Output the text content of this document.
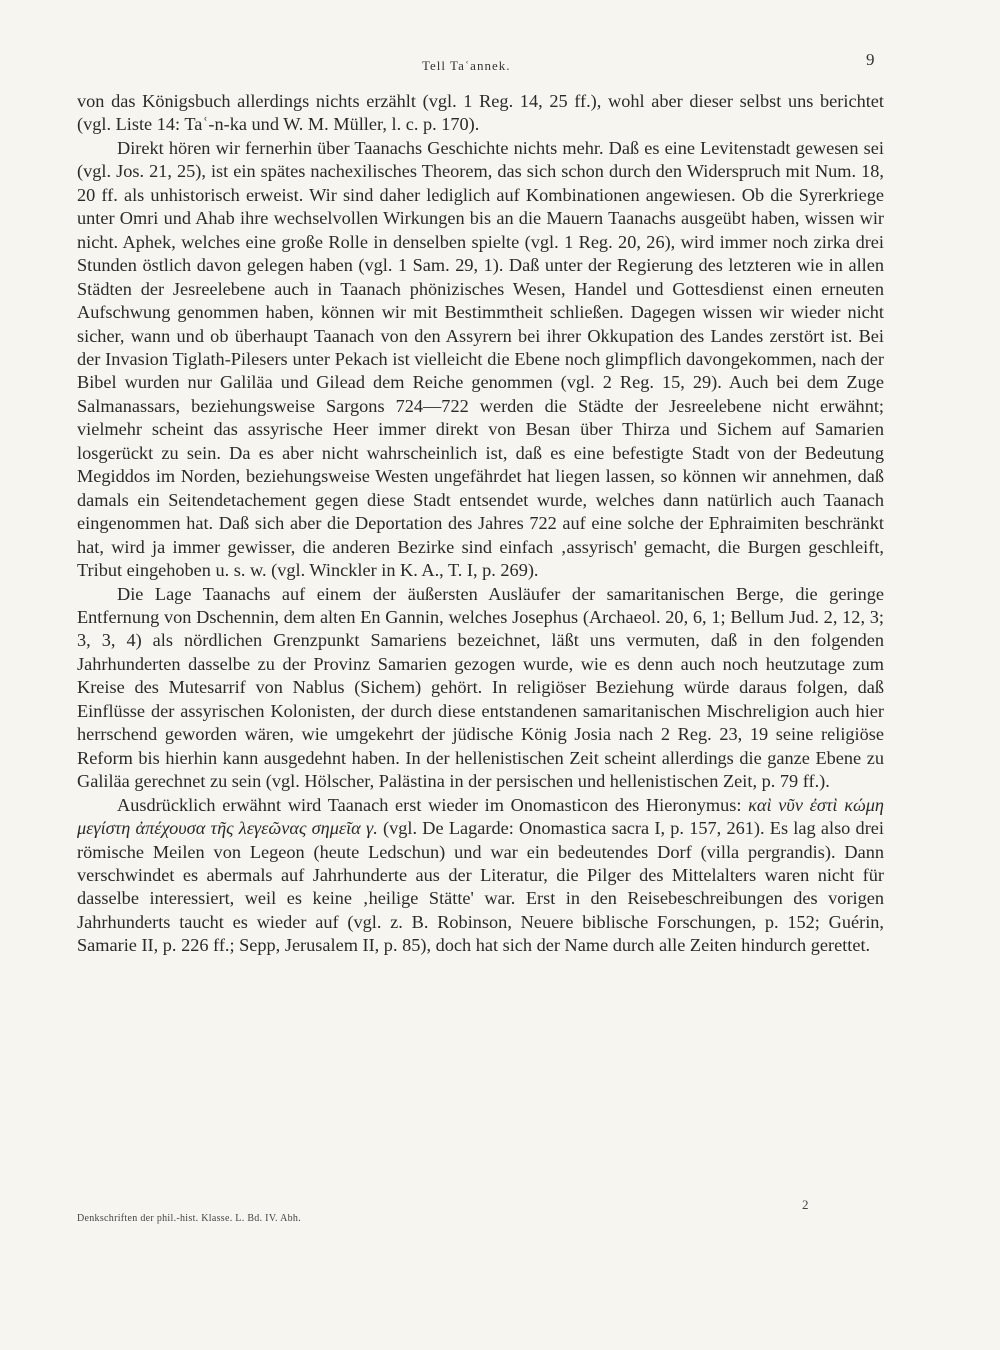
Tell Taʿannek.	9

von das Königsbuch allerdings nichts erzählt (vgl. 1 Reg. 14, 25 ff.), wohl aber dieser selbst uns berichtet (vgl. Liste 14: Taʿ-n-ka und W. M. Müller, l. c. p. 170).

Direkt hören wir fernerhin über Taanachs Geschichte nichts mehr. Daß es eine Levitenstadt gewesen sei (vgl. Jos. 21, 25), ist ein spätes nachexilisches Theorem, das sich schon durch den Widerspruch mit Num. 18, 20 ff. als unhistorisch erweist. Wir sind daher lediglich auf Kombinationen angewiesen. Ob die Syrerkriege unter Omri und Ahab ihre wechselvollen Wirkungen bis an die Mauern Taanachs ausgeübt haben, wissen wir nicht. Aphek, welches eine große Rolle in denselben spielte (vgl. 1 Reg. 20, 26), wird immer noch zirka drei Stunden östlich davon gelegen haben (vgl. 1 Sam. 29, 1). Daß unter der Regierung des letzteren wie in allen Städten der Jesreelebene auch in Taanach phönizisches Wesen, Handel und Gottesdienst einen erneuten Aufschwung genommen haben, können wir mit Bestimmtheit schließen. Dagegen wissen wir wieder nicht sicher, wann und ob überhaupt Taanach von den Assyrern bei ihrer Okkupation des Landes zerstört ist. Bei der Invasion Tiglath-Pilesers unter Pekach ist vielleicht die Ebene noch glimpflich davongekommen, nach der Bibel wurden nur Galiläa und Gilead dem Reiche genommen (vgl. 2 Reg. 15, 29). Auch bei dem Zuge Salmanassars, beziehungsweise Sargons 724—722 werden die Städte der Jesreelebene nicht erwähnt; vielmehr scheint das assyrische Heer immer direkt von Besan über Thirza und Sichem auf Samarien losgerückt zu sein. Da es aber nicht wahrscheinlich ist, daß es eine befestigte Stadt von der Bedeutung Megiddos im Norden, beziehungsweise Westen ungefährdet hat liegen lassen, so können wir annehmen, daß damals ein Seitendetachement gegen diese Stadt entsendet wurde, welches dann natürlich auch Taanach eingenommen hat. Daß sich aber die Deportation des Jahres 722 auf eine solche der Ephraimiten beschränkt hat, wird ja immer gewisser, die anderen Bezirke sind einfach ‚assyrisch' gemacht, die Burgen geschleift, Tribut eingehoben u. s. w. (vgl. Winckler in K. A., T. I, p. 269).

Die Lage Taanachs auf einem der äußersten Ausläufer der samaritanischen Berge, die geringe Entfernung von Dschennin, dem alten En Gannin, welches Josephus (Archaeol. 20, 6, 1; Bellum Jud. 2, 12, 3; 3, 3, 4) als nördlichen Grenzpunkt Samariens bezeichnet, läßt uns vermuten, daß in den folgenden Jahrhunderten dasselbe zu der Provinz Samarien gezogen wurde, wie es denn auch noch heutzutage zum Kreise des Mutesarrif von Nablus (Sichem) gehört. In religiöser Beziehung würde daraus folgen, daß Einflüsse der assyrischen Kolonisten, der durch diese entstandenen samaritanischen Mischreligion auch hier herrschend geworden wären, wie umgekehrt der jüdische König Josia nach 2 Reg. 23, 19 seine religiöse Reform bis hierhin kann ausgedehnt haben. In der hellenistischen Zeit scheint allerdings die ganze Ebene zu Galiläa gerechnet zu sein (vgl. Hölscher, Palästina in der persischen und hellenistischen Zeit, p. 79 ff.).

Ausdrücklich erwähnt wird Taanach erst wieder im Onomasticon des Hieronymus: καὶ νῦν ἐστὶ κώμη μεγίστη ἀπέχουσα τῆς λεγεῶνας σημεῖα γ. (vgl. De Lagarde: Onomastica sacra I, p. 157, 261). Es lag also drei römische Meilen von Legeon (heute Ledschun) und war ein bedeutendes Dorf (villa pergrandis). Dann verschwindet es abermals auf Jahrhunderte aus der Literatur, die Pilger des Mittelalters waren nicht für dasselbe interessiert, weil es keine ‚heilige Stätte' war. Erst in den Reisebeschreibungen des vorigen Jahrhunderts taucht es wieder auf (vgl. z. B. Robinson, Neuere biblische Forschungen, p. 152; Guérin, Samarie II, p. 226 ff.; Sepp, Jerusalem II, p. 85), doch hat sich der Name durch alle Zeiten hindurch gerettet.

2
Denkschriften der phil.-hist. Klasse. L. Bd. IV. Abh.
